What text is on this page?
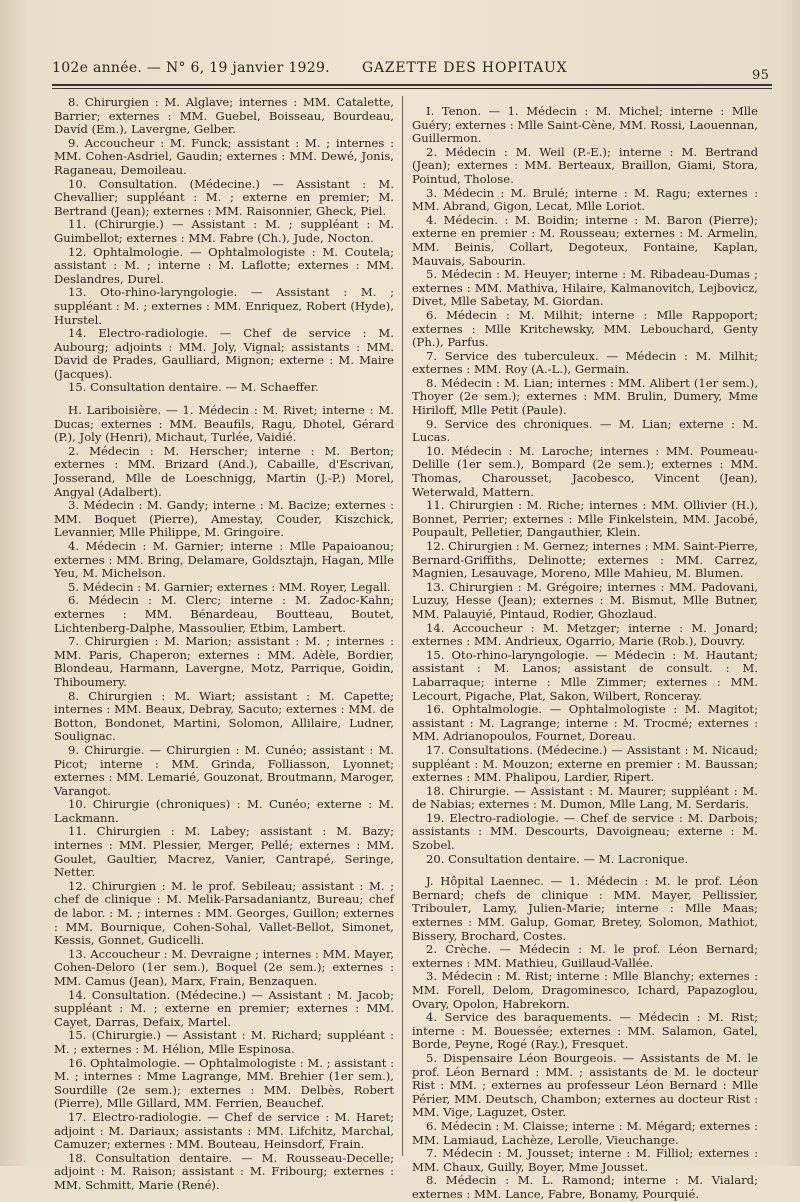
102e année. — N° 6, 19 janvier 1929. GAZETTE DES HOPITAUX	95

8. Chirurgien : M. Alglave; internes : MM. Catalette, Barrier; externes : MM. Guebel, Boisseau, Bourdeau, Davíd (Em.), Lavergne, Gelber.

9. Accoucheur : M. Funck; assistant : M. ; internes : MM. Cohen-Asdriel, Gaudin; externes : MM. Dewé, Jonis, Raganeau, Demoileau.

10. Consultation. (Médecine.) — Assistant : M. Chevallier; suppléant : M. ; externe en premier; M. Bertrand (Jean); externes : MM. Raisonnier, Gheck, Piel.

11. (Chirurgie.) — Assistant : M. ; suppléant : M. Guimbellot; externes : MM. Fabre (Ch.), Jude, Nocton.

12. Ophtalmologie. — Ophtalmologiste : M. Coutela; assistant : M. ; interne : M. Laflotte; externes : MM. Deslandres, Durel.

13. Oto-rhino-laryngologie. — Assistant : M. ; suppléant : M. ; externes : MM. Enriquez, Robert (Hyde), Hurstel.

14. Electro-radiologie. — Chef de service : M. Aubourg; adjoints : MM. Joly, Vignal; assistants : MM. David de Prades, Gaulliard, Mignon; externe : M. Maire (Jacques).

15. Consultation dentaire. — M. Schaeffer.

H. Lariboisière. — 1. Médecin : M. Rivet; interne : M. Ducas; externes : MM. Beaufils, Ragu, Dhotel, Gérard (P.), Joly (Henri), Michaut, Turlée, Vaidié.

2. Médecin : M. Herscher; interne : M. Berton; externes : MM. Brizard (And.), Cabaille, d'Escrivan, Josserand, Mlle de Loeschnigg, Martin (J.-P.) Morel, Angyal (Adalbert).

3. Médecin : M. Gandy; interne : M. Bacize; externes : MM. Boquet (Pierre), Amestay, Couder, Kiszchick, Levannier, Mlle Philippe, M. Gringoire.

4. Médecin : M. Garnier; interne : Mlle Papaioanou; externes : MM. Bring, Delamare, Goldsztajn, Hagan, Mlle Yeu, M. Michelson.

5. Médecin : M. Garnier; externes : MM. Royer, Legall.

6. Médecin : M. Clerc; interne : M. Zadoc-Kahn; externes : MM. Bénardeau, Boutteau, Boutet, Lichtenberg-Dalphe, Massoulier, Etbim, Lambert.

7. Chirurgien : M. Marion; assistant : M. ; internes : MM. Paris, Chaperon; externes : MM. Adèle, Bordier, Blondeau, Harmann, Lavergne, Motz, Parrique, Goidin, Thiboumery.

8. Chirurgien : M. Wiart; assistant : M. Capette; internes : MM. Beaux, Debray, Sacuto; externes : MM. de Botton, Bondonet, Martini, Solomon, Allilaire, Ludner, Soulignac.

9. Chirurgie. — Chirurgien : M. Cunéo; assistant : M. Picot; interne : MM. Grinda, Folliasson, Lyonnet; externes : MM. Lemarié, Gouzonat, Broutmann, Maroger, Varangot.

10. Chirurgie (chroniques) : M. Cunéo; externe : M. Lackmann.

11. Chirurgien : M. Labey; assistant : M. Bazy; internes : MM. Plessier, Merger, Pellé; externes : MM. Goulet, Gaultier, Macrez, Vanier, Cantrapé, Seringe, Netter.

12. Chirurgien : M. le prof. Sebileau; assistant : M. ; chef de clinique : M. Melik-Parsadaniantz, Bureau; chef de labor. : M. ; internes : MM. Georges, Guillon; externes : MM. Bournique, Cohen-Sohal, Vallet-Bellot, Simonet, Kessis, Gonnet, Gudicelli.

13. Accoucheur : M. Devraigne ; internes : MM. Mayer, Cohen-Deloro (1er sem.), Boquel (2e sem.); externes : MM. Camus (Jean), Marx, Frain, Benzaquen.

14. Consultation. (Médecine.) — Assistant : M. Jacob; suppléant : M. ; externe en premier; externes : MM. Cayet, Darras, Defaix, Martel.

15. (Chirurgie.) — Assistant : M. Richard; suppléant : M. ; externes : M. Hélion, Mlle Espinosa.

16. Ophtalmologie. — Ophtalmologiste : M. ; assistant : M. ; internes : Mme Lagrange, MM. Brehier (1er sem.), Sourdille (2e sem.); externes : MM. Delbès, Robert (Pierre), Mlle Gillard, MM. Ferrien, Beauchef.

17. Electro-radiologie. — Chef de service : M. Haret; adjoint : M. Dariaux; assistants : MM. Lifchitz, Marchal, Camuzer; externes : MM. Bouteau, Heinsdorf, Frain.

18. Consultation dentaire. — M. Rousseau-Decelle; adjoint : M. Raison; assistant : M. Fribourg; externes : MM. Schmitt, Marie (René).

I. Tenon. — 1. Médecin : M. Michel; interne : Mlle Guéry; externes : Mlle Saint-Cène, MM. Rossi, Laouennan, Guillermon.

2. Médecin : M. Weil (P.-E.); interne : M. Bertrand (Jean); externes : MM. Berteaux, Braillon, Giami, Stora, Pointud, Tholose.

3. Médecin : M. Brulé; interne : M. Ragu; externes : MM. Abrand, Gigon, Lecat, Mlle Loriot.

4. Médecin. : M. Boidin; interne : M. Baron (Pierre); externe en premier : M. Rousseau; externes : M. Armelin, MM. Beinis, Collart, Degoteux, Fontaine, Kaplan, Mauvais, Sabourin.

5. Médecin : M. Heuyer; interne : M. Ribadeau-Dumas ; externes : MM. Mathiva, Hilaire, Kalmanovitch, Lejbovicz, Divet, Mlle Sabetay, M. Giordan.

6. Médecin : M. Milhit; interne : Mlle Rappoport; externes : Mlle Kritchewsky, MM. Lebouchard, Genty (Ph.), Parfus.

7. Service des tuberculeux. — Médecin : M. Milhit; externes : MM. Roy (A.-L.), Germain.

8. Médecin : M. Lian; internes : MM. Alibert (1er sem.), Thoyer (2e sem.); externes : MM. Brulin, Dumery, Mme Hiriloff, Mlle Petit (Paule).

9. Service des chroniques. — M. Lian; externe : M. Lucas.

10. Médecin : M. Laroche; internes : MM. Poumeau-Delille (1er sem.), Bompard (2e sem.); externes : MM. Thomas, Charousset, Jacobesco, Vincent (Jean), Weterwald, Mattern.

11. Chirurgien : M. Riche; internes : MM. Ollivier (H.), Bonnet, Perrier; externes : Mlle Finkelstein, MM. Jacobé, Poupault, Pelletier, Dangauthier, Klein.

12. Chirurgien : M. Gernez; internes : MM. Saint-Pierre, Bernard-Griffiths, Delinotte; externes : MM. Carrez, Magnien, Lesauvage, Moreno, Mlle Mahieu, M. Blumen.

13. Chirurgien : M. Grégoire; internes : MM. Padovani, Luzuy, Hesse (Jean); externes : M. Bismut, Mlle Butner, MM. Palauyié, Pintaud, Rodier, Ghozlaud.

14. Accoucheur : M. Metzger; interne : M. Jonard; externes : MM. Andrieux, Ogarrio, Marie (Rob.), Douvry.

15. Oto-rhino-laryngologie. — Médecin : M. Hautant; assistant : M. Lanos; assistant de consult. : M. Labarraque; interne : Mlle Zimmer; externes : MM. Lecourt, Pigache, Plat, Sakon, Wilbert, Ronceray.

16. Ophtalmologie. — Ophtalmologiste : M. Magitot; assistant : M. Lagrange; interne : M. Trocmé; externes : MM. Adrianopoulos, Fournet, Doreau.

17. Consultations. (Médecine.) — Assistant : M. Nicaud; suppléant : M. Mouzon; externe en premier : M. Baussan; externes : MM. Phalipou, Lardier, Ripert.

18. Chirurgie. — Assistant : M. Maurer; suppléant : M. de Nabias; externes : M. Dumon, Mlle Lang, M. Serdaris.

19. Electro-radiologie. — Chef de service : M. Darbois; assistants : MM. Descourts, Davoigneau; externe : M. Szobel.

20. Consultation dentaire. — M. Lacronique.

J. Hôpital Laennec. — 1. Médecin : M. le prof. Léon Bernard; chefs de clinique : MM. Mayer, Pellissier, Tribouleт, Lamy, Julien-Marie; interne : Mlle Maas; externes : MM. Galup, Gomar, Bretey, Solomon, Mathiot, Bissery, Brochard, Costes.

2. Crèche. — Médecin : M. le prof. Léon Bernard; externes : MM. Mathieu, Guillaud-Vallée.

3. Médecin : M. Rist; interne : Mlle Blanchy; externes : MM. Forell, Delom, Dragominesco, Ichard, Papazoglou, Ovary, Opolon, Habrekorn.

4. Service des baraquements. — Médecin : M. Rist; interne : M. Bouessée; externes : MM. Salamon, Gatel, Borde, Peyne, Rogé (Ray.), Fresquet.

5. Dispensaire Léon Bourgeois. — Assistants de M. le prof. Léon Bernard : MM. ; assistants de M. le docteur Rist : MM. ; externes au professeur Léon Bernard : Mlle Périer, MM. Deutsch, Chambon; externes au docteur Rist : MM. Vige, Laguzet, Oster.

6. Médecin : M. Claisse; interne : M. Mégard; externes : MM. Lamiaud, Lachèze, Lerolle, Vieuchange.

7. Médecin : M. Jousset; interne : M. Filliol; externes : MM. Chaux, Guilly, Boyer, Mme Jousset.

8. Médecin : M. L. Ramond; interne : M. Vialard; externes : MM. Lance, Fabre, Bonamy, Pourquié.
